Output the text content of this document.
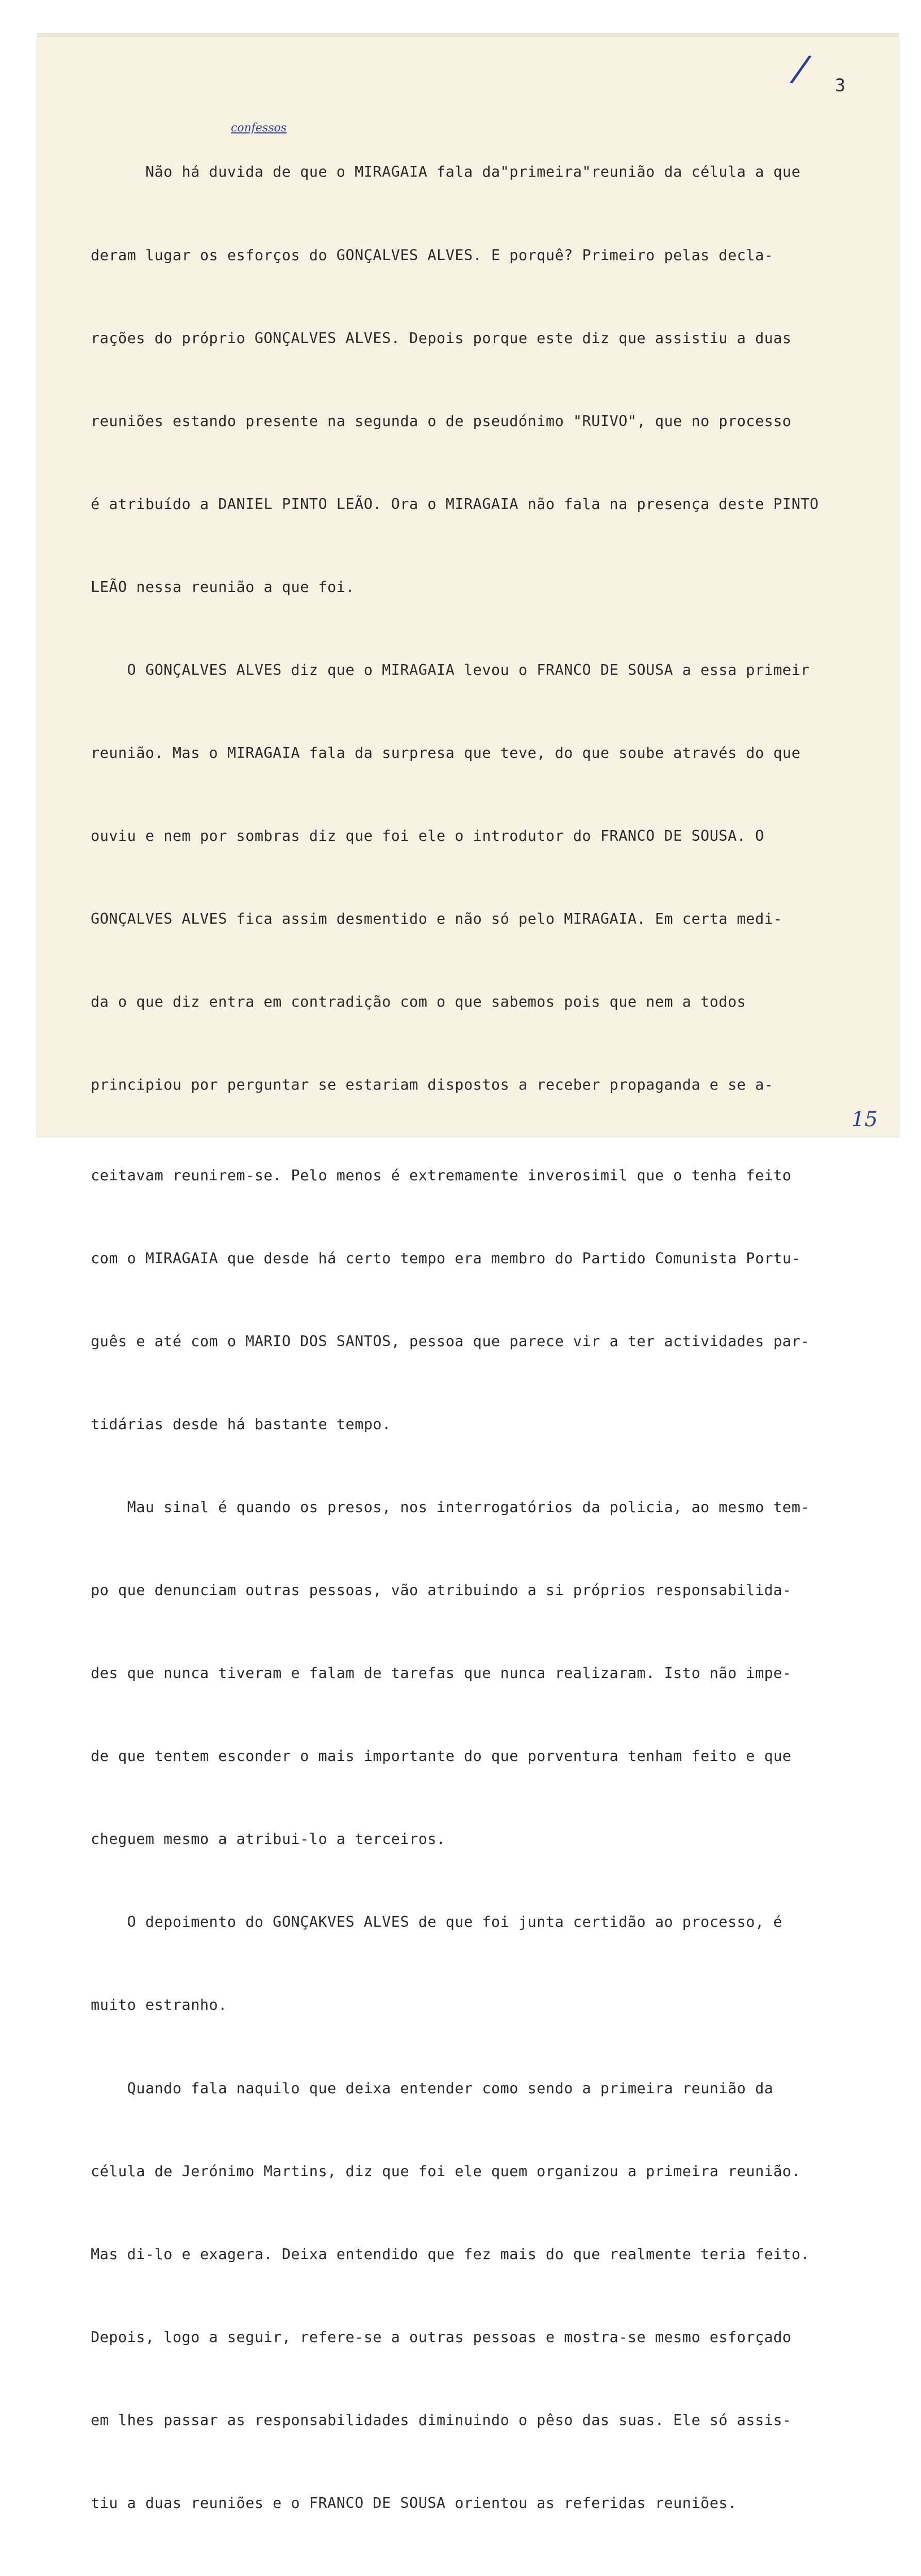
/ 3
confessos

Não há duvida de que o MIRAGAIA fala da"primeira"reunião da célula a que

deram lugar os esforços do GONÇALVES ALVES. E porquê? Primeiro pelas decla-

rações do próprio GONÇALVES ALVES. Depois porque este diz que assistiu a duas

reuniões estando presente na segunda o de pseudónimo "RUIVO", que no processo

é atribuído a DANIEL PINTO LEÃO. Ora o MIRAGAIA não fala na presença deste PINTO

LEÃO nessa reunião a que foi.

O GONÇALVES ALVES diz que o MIRAGAIA levou o FRANCO DE SOUSA a essa primeir

reunião. Mas o MIRAGAIA fala da surpresa que teve, do que soube através do que

ouviu e nem por sombras diz que foi ele o introdutor do FRANCO DE SOUSA. O

GONÇALVES ALVES fica assim desmentido e não só pelo MIRAGAIA. Em certa medi-

da o que diz entra em contradição com o que sabemos pois que nem a todos

principiou por perguntar se estariam dispostos a receber propaganda e se a-

ceitavam reunirem-se. Pelo menos é extremamente inverosimil que o tenha feito

com o MIRAGAIA que desde há certo tempo era membro do Partido Comunista Portu-

guês e até com o MARIO DOS SANTOS, pessoa que parece vir a ter actividades par-

tidárias desde há bastante tempo.

Mau sinal é quando os presos, nos interrogatórios da policia, ao mesmo tem-

po que denunciam outras pessoas, vão atribuindo a si próprios responsabilida-

des que nunca tiveram e falam de tarefas que nunca realizaram. Isto não impe-

de que tentem esconder o mais importante do que porventura tenham feito e que

cheguem mesmo a atribui-lo a terceiros.

O depoimento do GONÇAKVES ALVES de que foi junta certidão ao processo, é

muito estranho.

Quando fala naquilo que deixa entender como sendo a primeira reunião da

célula de Jerónimo Martins, diz que foi ele quem organizou a primeira reunião.

Mas di-lo e exagera. Deixa entendido que fez mais do que realmente teria feito.

Depois, logo a seguir, refere-se a outras pessoas e mostra-se mesmo esforçado

em lhes passar as responsabilidades diminuindo o pêso das suas. Ele só assis-

tiu a duas reuniões e o FRANCO DE SOUSA orientou as referidas reuniões.

15
